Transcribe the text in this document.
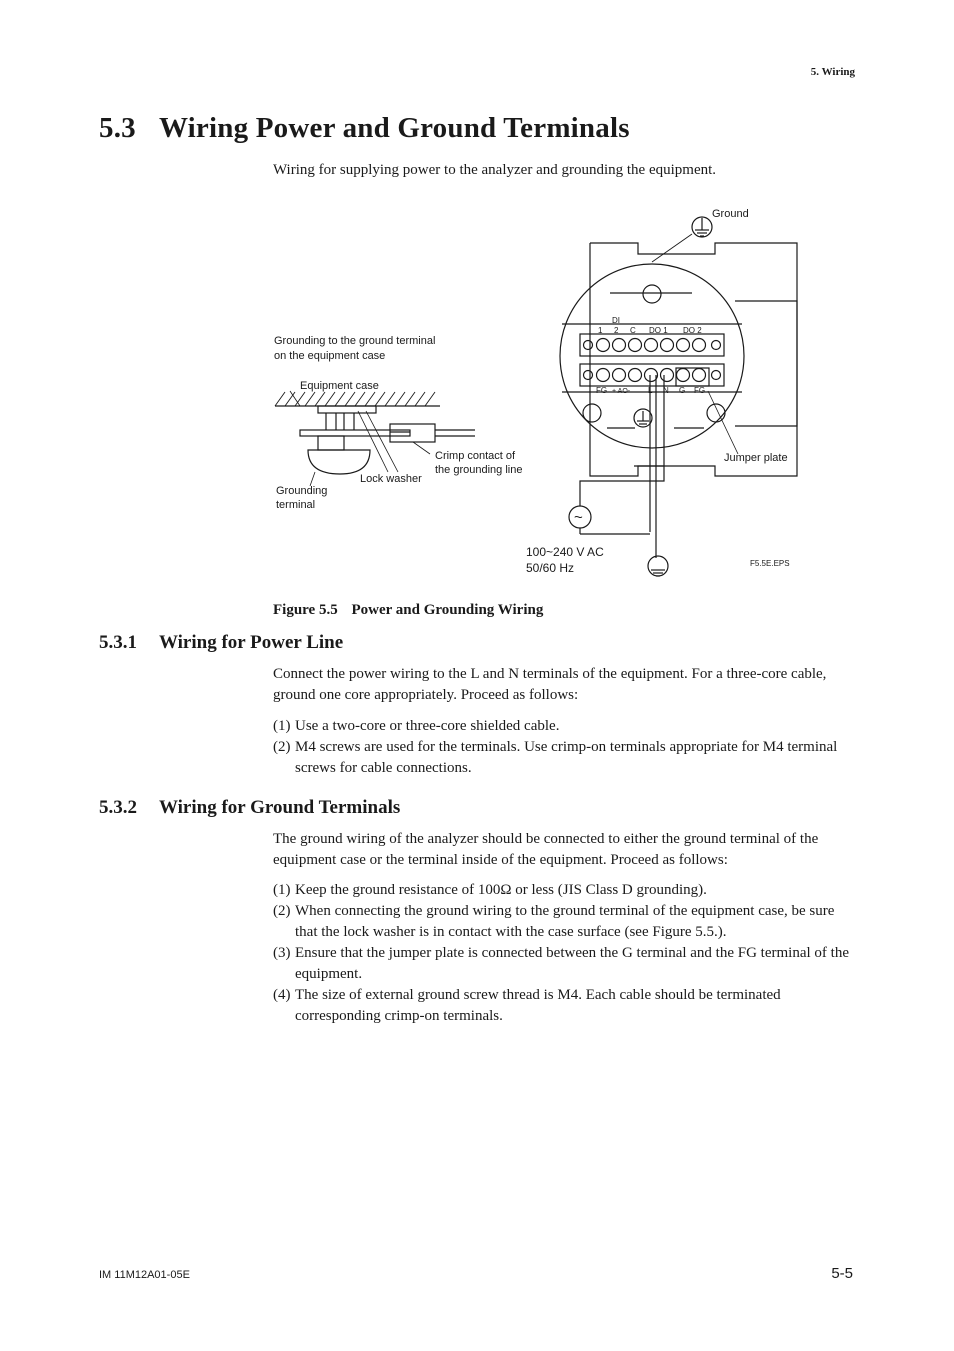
5. Wiring
5.3 Wiring Power and Ground Terminals
Wiring for supplying power to the analyzer and grounding the equipment.
Ground
Grounding to the ground terminal
on the equipment case
Equipment case
Crimp contact of
the grounding line
Lock washer
Grounding
terminal
Jumper plate
DI
1 2 C DO 1 DO 2
FG + AO- L N G FG
~
100~240 V AC
50/60 Hz	F5.5E.EPS
Figure 5.5 Power and Grounding Wiring
5.3.1 Wiring for Power Line
Connect the power wiring to the L and N terminals of the equipment. For a three-core cable, ground one core appropriately. Proceed as follows:
(1) Use a two-core or three-core shielded cable.
(2) M4 screws are used for the terminals. Use crimp-on terminals appropriate for M4 terminal screws for cable connections.
5.3.2 Wiring for Ground Terminals
The ground wiring of the analyzer should be connected to either the ground terminal of the equipment case or the terminal inside of the equipment. Proceed as follows:
(1) Keep the ground resistance of 100Ω or less (JIS Class D grounding).
(2) When connecting the ground wiring to the ground terminal of the equipment case, be sure that the lock washer is in contact with the case surface (see Figure 5.5.).
(3) Ensure that the jumper plate is connected between the G terminal and the FG terminal of the equipment.
(4) The size of external ground screw thread is M4. Each cable should be terminated corresponding crimp-on terminals.
IM 11M12A01-05E	5-5
